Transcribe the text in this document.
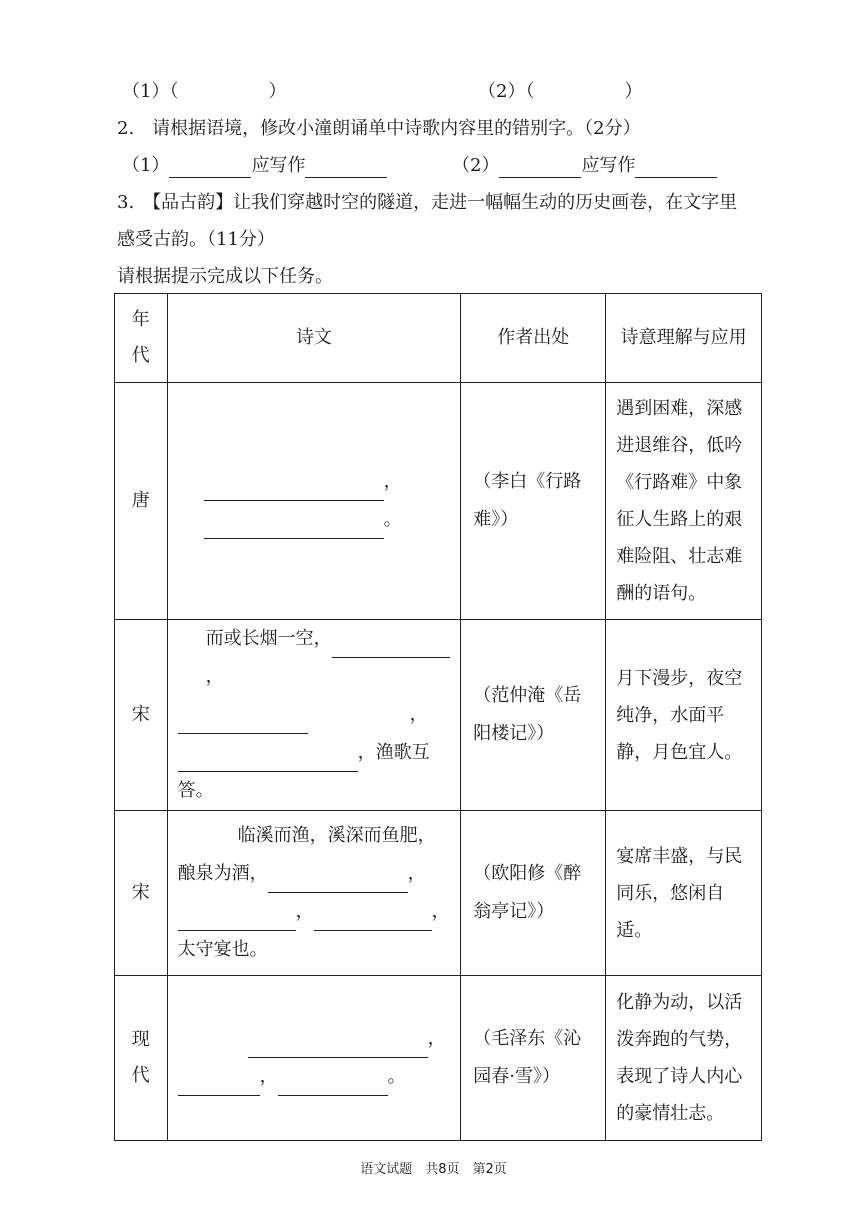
（1）（　　　　　）	（2）（　　　　　）
2.　请根据语境，修改小潼朗诵单中诗歌内容里的错别字。（2分）
（1）	应写作	（2）	应写作
3.　【品古韵】让我们穿越时空的隧道，走进一幅幅生动的历史画卷，在文字里
感受古韵。（11分）
请根据提示完成以下任务。
年代	诗文	作者出处	诗意理解与应用

唐	，
。	（李白《行路难》）	遇到困难，深感进退维谷，低吟《行路难》中象征人生路上的艰难险阻、壮志难酬的语句。

宋	而或长烟一空，，
，
，渔歌互答。	（范仲淹《岳阳楼记》）	月下漫步，夜空纯净，水面平静，月色宜人。

宋	临溪而渔，溪深而鱼肥，
酿泉为酒， ，
， ，
太守宴也。	（欧阳修《醉翁亭记》）	宴席丰盛，与民同乐，悠闲自适。

现代	，
， 。	（毛泽东《沁园春·雪》）	化静为动，以活泼奔跑的气势，表现了诗人内心的豪情壮志。
语文试题　共8页　第2页
